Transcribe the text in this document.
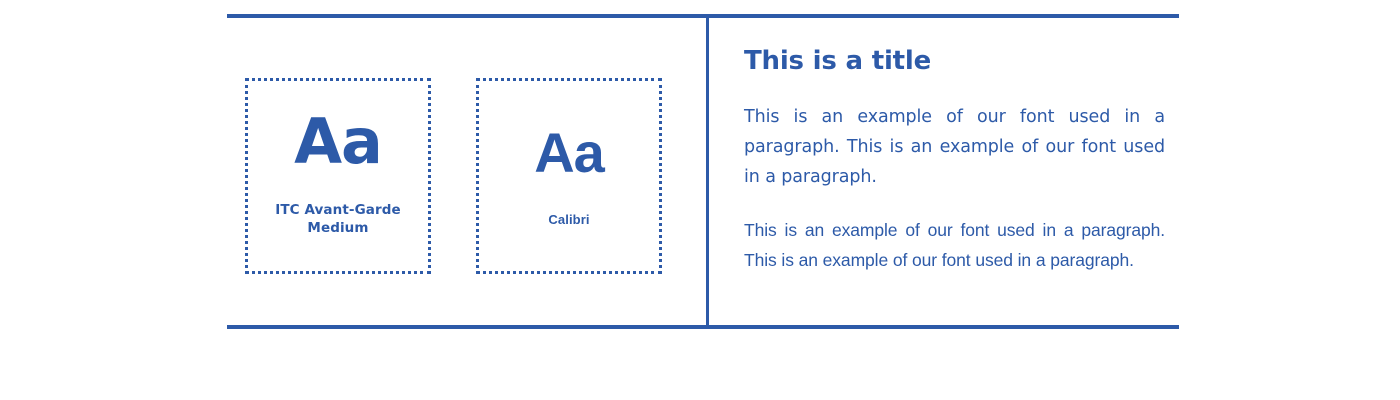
Aa
ITC Avant-Garde Medium
Aa
Calibri
This is a title

This is an example of our font used in a paragraph. This is an example of our font used in a paragraph.

This is an example of our font used in a paragraph. This is an example of our font used in a paragraph.
